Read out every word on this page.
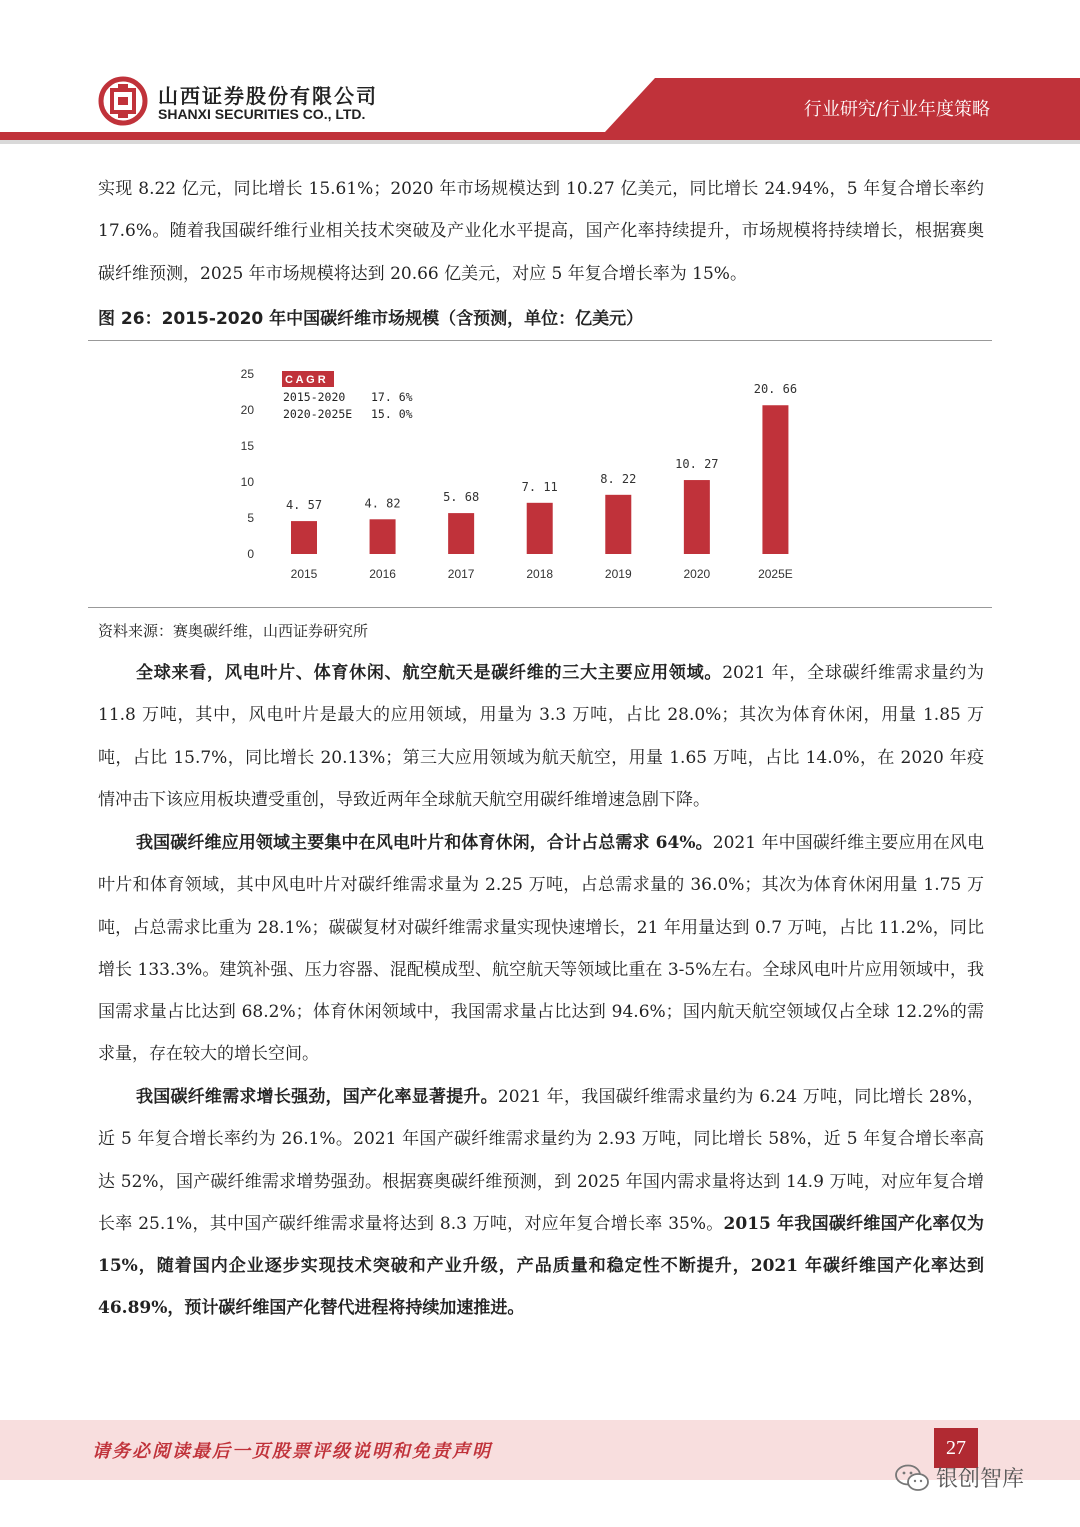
山西证券股份有限公司
SHANXI SECURITIES CO., LTD.	行业研究/行业年度策略

实现 8.22 亿元，同比增长 15.61%；2020 年市场规模达到 10.27 亿美元，同比增长 24.94%，5 年复合增长率约 17.6%。随着我国碳纤维行业相关技术突破及产业化水平提高，国产化率持续提升，市场规模将持续增长，根据赛奥碳纤维预测，2025 年市场规模将达到 20.66 亿美元，对应 5 年复合增长率为 15%。

图 26：2015-2020 年中国碳纤维市场规模（含预测，单位：亿美元）
0
5
10
15
20
25
4. 57
2015
4. 82
2016
5. 68
2017
7. 11
2018
8. 22
2019
10. 27
2020
20. 66
2025E
C A G R
2015-2020 17. 6%
2020-2025E 15. 0%
资料来源：赛奥碳纤维，山西证券研究所

全球来看，风电叶片、体育休闲、航空航天是碳纤维的三大主要应用领域。2021 年，全球碳纤维需求量约为 11.8 万吨，其中，风电叶片是最大的应用领域，用量为 3.3 万吨，占比 28.0%；其次为体育休闲，用量 1.85 万吨，占比 15.7%，同比增长 20.13%；第三大应用领域为航天航空，用量 1.65 万吨，占比 14.0%，在 2020 年疫情冲击下该应用板块遭受重创，导致近两年全球航天航空用碳纤维增速急剧下降。

我国碳纤维应用领域主要集中在风电叶片和体育休闲，合计占总需求 64%。2021 年中国碳纤维主要应用在风电叶片和体育领域，其中风电叶片对碳纤维需求量为 2.25 万吨，占总需求量的 36.0%；其次为体育休闲用量 1.75 万吨，占总需求比重为 28.1%；碳碳复材对碳纤维需求量实现快速增长，21 年用量达到 0.7 万吨，占比 11.2%，同比增长 133.3%。建筑补强、压力容器、混配模成型、航空航天等领域比重在 3-5%左右。全球风电叶片应用领域中，我国需求量占比达到 68.2%；体育休闲领域中，我国需求量占比达到 94.6%；国内航天航空领域仅占全球 12.2%的需求量，存在较大的增长空间。

我国碳纤维需求增长强劲，国产化率显著提升。2021 年，我国碳纤维需求量约为 6.24 万吨，同比增长 28%，近 5 年复合增长率约为 26.1%。2021 年国产碳纤维需求量约为 2.93 万吨，同比增长 58%，近 5 年复合增长率高达 52%，国产碳纤维需求增势强劲。根据赛奥碳纤维预测，到 2025 年国内需求量将达到 14.9 万吨，对应年复合增长率 25.1%，其中国产碳纤维需求量将达到 8.3 万吨，对应年复合增长率 35%。2015 年我国碳纤维国产化率仅为 15%，随着国内企业逐步实现技术突破和产业升级，产品质量和稳定性不断提升，2021 年碳纤维国产化率达到 46.89%，预计碳纤维国产化替代进程将持续加速推进。

请务必阅读最后一页股票评级说明和免责声明	27
银创智库
